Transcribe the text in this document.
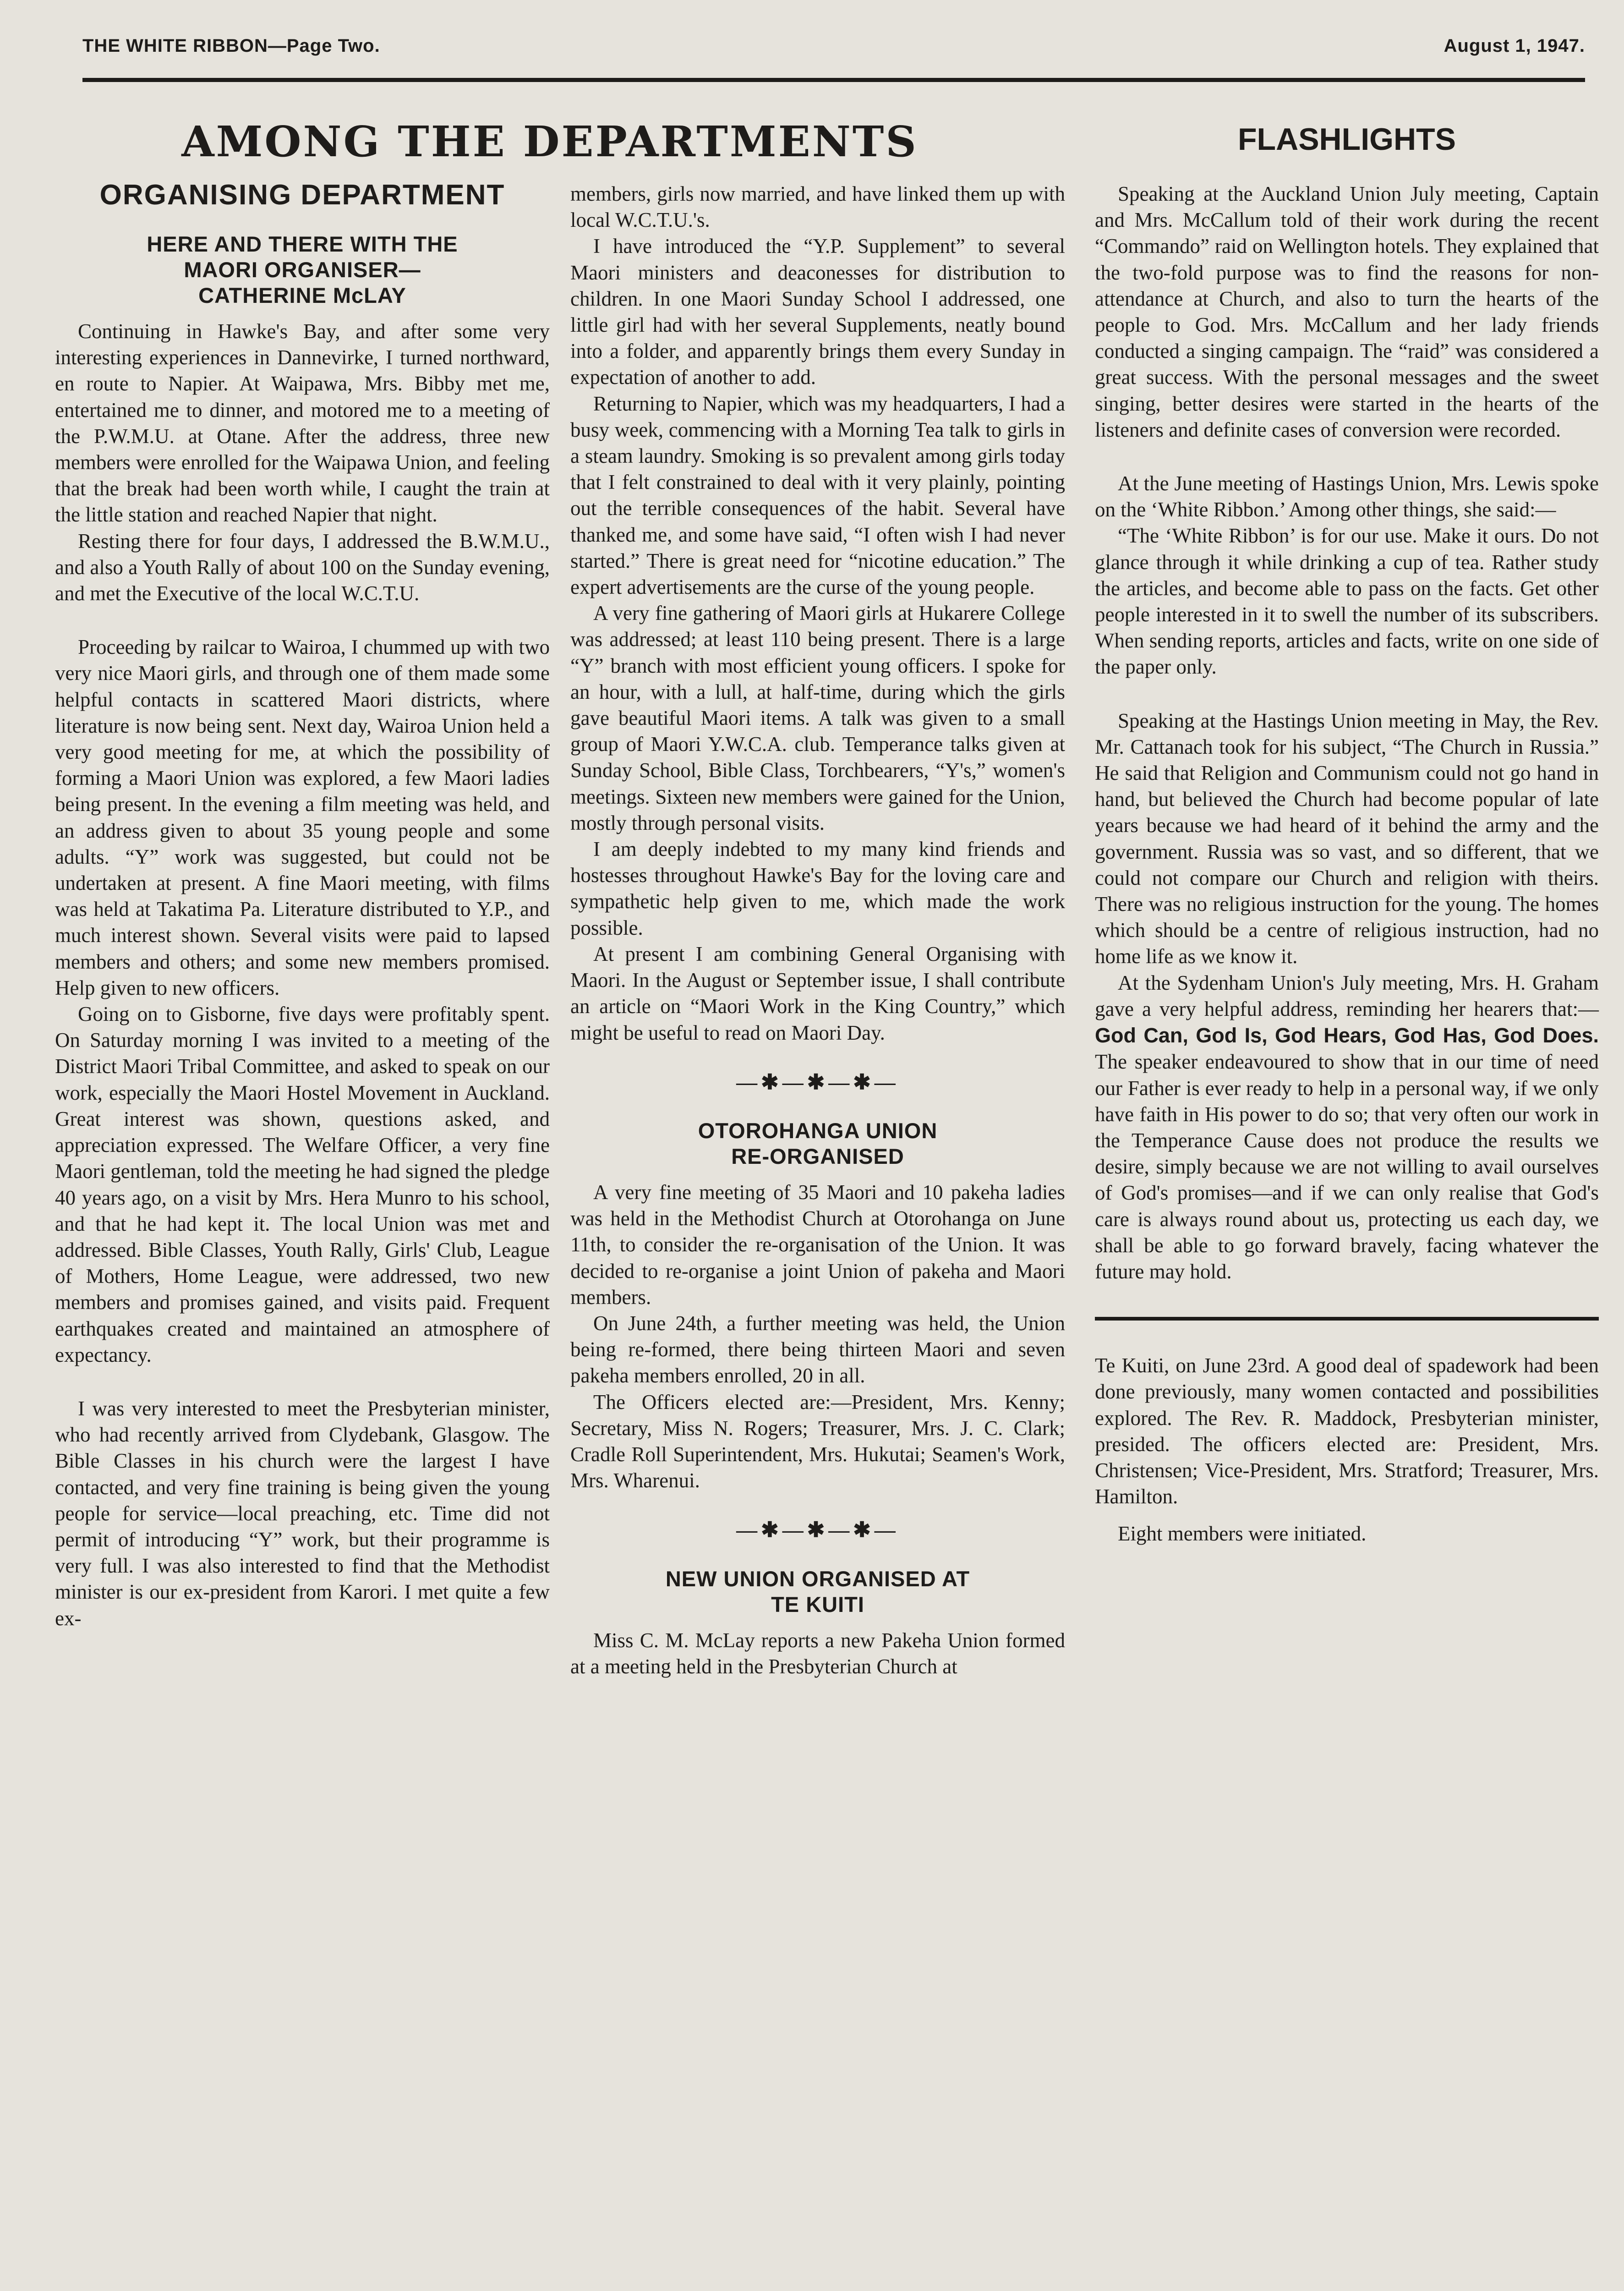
THE WHITE RIBBON—Page Two.	August 1, 1947.
AMONG THE DEPARTMENTS	FLASHLIGHTS
ORGANISING DEPARTMENT
HERE AND THERE WITH THE
MAORI ORGANISER—
CATHERINE McLAY

Continuing in Hawke's Bay, and after some very interesting experiences in Dannevirke, I turned northward, en route to Napier. At Waipawa, Mrs. Bibby met me, entertained me to dinner, and motored me to a meeting of the P.W.M.U. at Otane. After the address, three new members were enrolled for the Waipawa Union, and feeling that the break had been worth while, I caught the train at the little station and reached Napier that night.

Resting there for four days, I addressed the B.W.M.U., and also a Youth Rally of about 100 on the Sunday evening, and met the Executive of the local W.C.T.U.

Proceeding by railcar to Wairoa, I chummed up with two very nice Maori girls, and through one of them made some helpful contacts in scattered Maori districts, where literature is now being sent. Next day, Wairoa Union held a very good meeting for me, at which the possibility of forming a Maori Union was explored, a few Maori ladies being present. In the evening a film meeting was held, and an address given to about 35 young people and some adults. “Y” work was suggested, but could not be undertaken at present. A fine Maori meeting, with films was held at Takatima Pa. Literature distributed to Y.P., and much interest shown. Several visits were paid to lapsed members and others; and some new members promised. Help given to new officers.

Going on to Gisborne, five days were profitably spent. On Saturday morning I was invited to a meeting of the District Maori Tribal Committee, and asked to speak on our work, especially the Maori Hostel Movement in Auckland. Great interest was shown, questions asked, and appreciation expressed. The Welfare Officer, a very fine Maori gentleman, told the meeting he had signed the pledge 40 years ago, on a visit by Mrs. Hera Munro to his school, and that he had kept it. The local Union was met and addressed. Bible Classes, Youth Rally, Girls' Club, League of Mothers, Home League, were addressed, two new members and promises gained, and visits paid. Frequent earthquakes created and maintained an atmosphere of expectancy.

I was very interested to meet the Presbyterian minister, who had recently arrived from Clydebank, Glasgow. The Bible Classes in his church were the largest I have contacted, and very fine training is being given the young people for service—local preaching, etc. Time did not permit of introducing “Y” work, but their programme is very full. I was also interested to find that the Methodist minister is our ex-president from Karori. I met quite a few ex-

members, girls now married, and have linked them up with local W.C.T.U.'s.

I have introduced the “Y.P. Supplement” to several Maori ministers and deaconesses for distribution to children. In one Maori Sunday School I addressed, one little girl had with her several Supplements, neatly bound into a folder, and apparently brings them every Sunday in expectation of another to add.

Returning to Napier, which was my headquarters, I had a busy week, commencing with a Morning Tea talk to girls in a steam laundry. Smoking is so prevalent among girls today that I felt constrained to deal with it very plainly, pointing out the terrible consequences of the habit. Several have thanked me, and some have said, “I often wish I had never started.” There is great need for “nicotine education.” The expert advertisements are the curse of the young people.

A very fine gathering of Maori girls at Hukarere College was addressed; at least 110 being present. There is a large “Y” branch with most efficient young officers. I spoke for an hour, with a lull, at half-time, during which the girls gave beautiful Maori items. A talk was given to a small group of Maori Y.W.C.A. club. Temperance talks given at Sunday School, Bible Class, Torchbearers, “Y's,” women's meetings. Sixteen new members were gained for the Union, mostly through personal visits.

I am deeply indebted to my many kind friends and hostesses throughout Hawke's Bay for the loving care and sympathetic help given to me, which made the work possible.

At present I am combining General Organising with Maori. In the August or September issue, I shall contribute an article on “Maori Work in the King Country,” which might be useful to read on Maori Day.

—✱—✱—✱—
OTOROHANGA UNION
RE-ORGANISED

A very fine meeting of 35 Maori and 10 pakeha ladies was held in the Methodist Church at Otorohanga on June 11th, to consider the re-organisation of the Union. It was decided to re-organise a joint Union of pakeha and Maori members.

On June 24th, a further meeting was held, the Union being re-formed, there being thirteen Maori and seven pakeha members enrolled, 20 in all.

The Officers elected are:—President, Mrs. Kenny; Secretary, Miss N. Rogers; Treasurer, Mrs. J. C. Clark; Cradle Roll Superintendent, Mrs. Hukutai; Seamen's Work, Mrs. Wharenui.

—✱—✱—✱—
NEW UNION ORGANISED AT
TE KUITI

Miss C. M. McLay reports a new Pakeha Union formed at a meeting held in the Presbyterian Church at

Speaking at the Auckland Union July meeting, Captain and Mrs. McCallum told of their work during the recent “Commando” raid on Wellington hotels. They explained that the two-fold purpose was to find the reasons for non-attendance at Church, and also to turn the hearts of the people to God. Mrs. McCallum and her lady friends conducted a singing campaign. The “raid” was considered a great success. With the personal messages and the sweet singing, better desires were started in the hearts of the listeners and definite cases of conversion were recorded.

At the June meeting of Hastings Union, Mrs. Lewis spoke on the ‘White Ribbon.’ Among other things, she said:—

“The ‘White Ribbon’ is for our use. Make it ours. Do not glance through it while drinking a cup of tea. Rather study the articles, and become able to pass on the facts. Get other people interested in it to swell the number of its subscribers. When sending reports, articles and facts, write on one side of the paper only.

Speaking at the Hastings Union meeting in May, the Rev. Mr. Cattanach took for his subject, “The Church in Russia.” He said that Religion and Communism could not go hand in hand, but believed the Church had become popular of late years because we had heard of it behind the army and the government. Russia was so vast, and so different, that we could not compare our Church and religion with theirs. There was no religious instruction for the young. The homes which should be a centre of religious instruction, had no home life as we know it.

At the Sydenham Union's July meeting, Mrs. H. Graham gave a very helpful address, reminding her hearers that:—God Can, God Is, God Hears, God Has, God Does. The speaker endeavoured to show that in our time of need our Father is ever ready to help in a personal way, if we only have faith in His power to do so; that very often our work in the Temperance Cause does not produce the results we desire, simply because we are not willing to avail ourselves of God's promises—and if we can only realise that God's care is always round about us, protecting us each day, we shall be able to go forward bravely, facing whatever the future may hold.

Te Kuiti, on June 23rd. A good deal of spadework had been done previously, many women contacted and possibilities explored. The Rev. R. Maddock, Presbyterian minister, presided. The officers elected are: President, Mrs. Christensen; Vice-President, Mrs. Stratford; Treasurer, Mrs. Hamilton.

Eight members were initiated.
